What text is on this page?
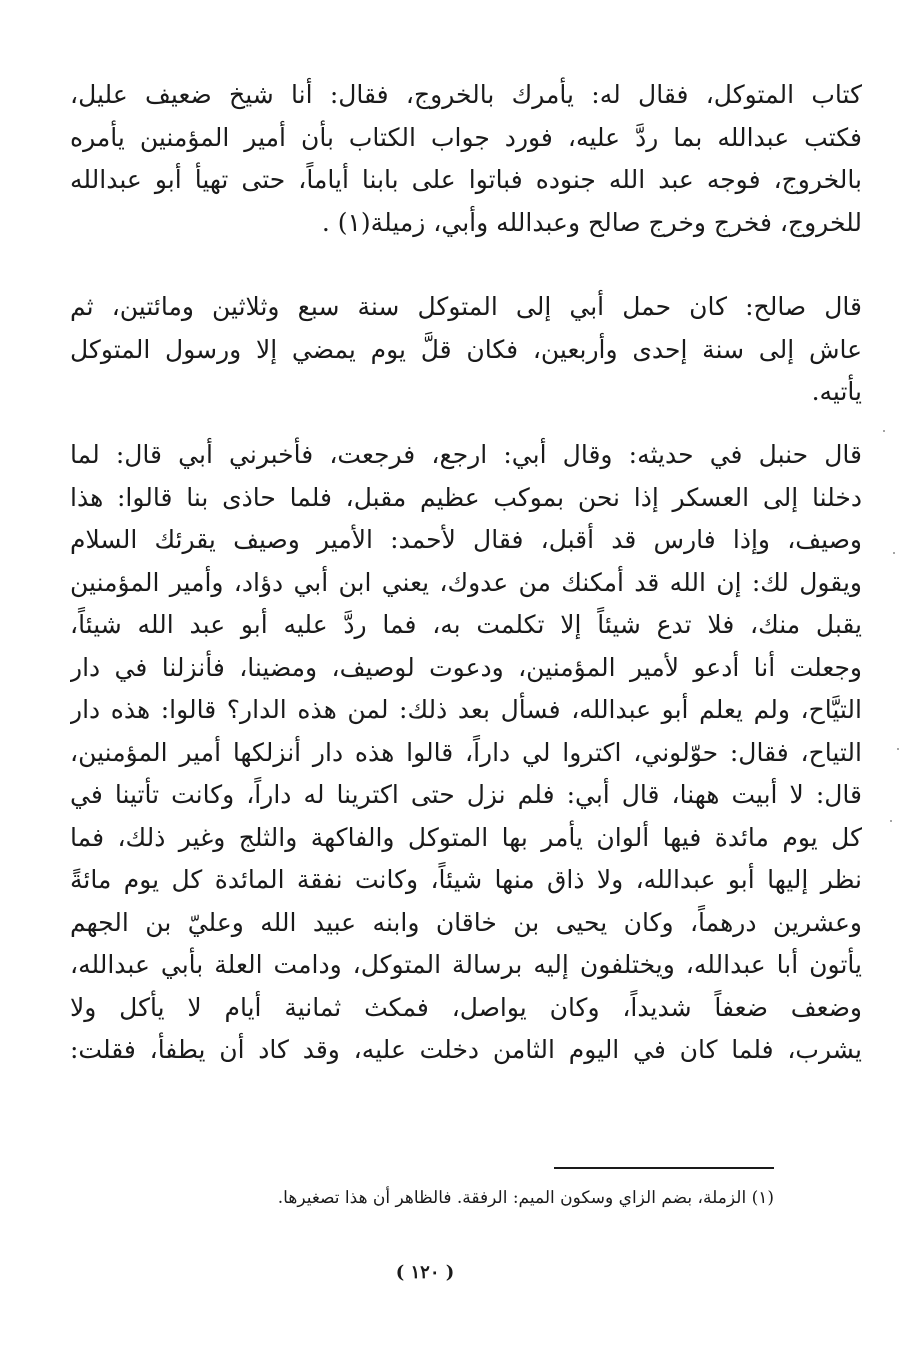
كتاب المتوكل، فقال له: يأمرك بالخروج، فقال: أنا شيخ ضعيف عليل،
فكتب عبدالله بما ردَّ عليه، فورد جواب الكتاب بأن أمير المؤمنين يأمره
بالخروج، فوجه عبد الله جنوده فباتوا على بابنا أياماً، حتى تهيأ أبو عبدالله
للخروج، فخرج وخرج صالح وعبدالله وأبي، زميلة(١) .
قال صالح: كان حمل أبي إلى المتوكل سنة سبع وثلاثين ومائتين، ثم
عاش إلى سنة إحدى وأربعين، فكان قلَّ يوم يمضي إلا ورسول المتوكل
يأتيه.
قال حنبل في حديثه: وقال أبي: ارجع، فرجعت، فأخبرني أبي قال: لما
دخلنا إلى العسكر إذا نحن بموكب عظيم مقبل، فلما حاذى بنا قالوا: هذا
وصيف، وإذا فارس قد أقبل، فقال لأحمد: الأمير وصيف يقرئك السلام
ويقول لك: إن الله قد أمكنك من عدوك، يعني ابن أبي دؤاد، وأمير المؤمنين
يقبل منك، فلا تدع شيئاً إلا تكلمت به، فما ردَّ عليه أبو عبد الله شيئاً،
وجعلت أنا أدعو لأمير المؤمنين، ودعوت لوصيف، ومضينا، فأنزلنا في دار
التيَّاح، ولم يعلم أبو عبدالله، فسأل بعد ذلك: لمن هذه الدار؟ قالوا: هذه دار
التياح، فقال: حوّلوني، اكتروا لي داراً، قالوا هذه دار أنزلكها أمير المؤمنين،
قال: لا أبيت ههنا، قال أبي: فلم نزل حتى اكترينا له داراً، وكانت تأتينا في
كل يوم مائدة فيها ألوان يأمر بها المتوكل والفاكهة والثلج وغير ذلك، فما
نظر إليها أبو عبدالله، ولا ذاق منها شيئاً، وكانت نفقة المائدة كل يوم مائةً
وعشرين درهماً، وكان يحيى بن خاقان وابنه عبيد الله وعليّ بن الجهم
يأتون أبا عبدالله، ويختلفون إليه برسالة المتوكل، ودامت العلة بأبي عبدالله،
وضعف ضعفاً شديداً، وكان يواصل، فمكث ثمانية أيام لا يأكل ولا
يشرب، فلما كان في اليوم الثامن دخلت عليه، وقد كاد أن يطفأ، فقلت:
(١) الزملة، بضم الزاي وسكون الميم: الرفقة. فالظاهر أن هذا تصغيرها.
( ١٢٠ )
